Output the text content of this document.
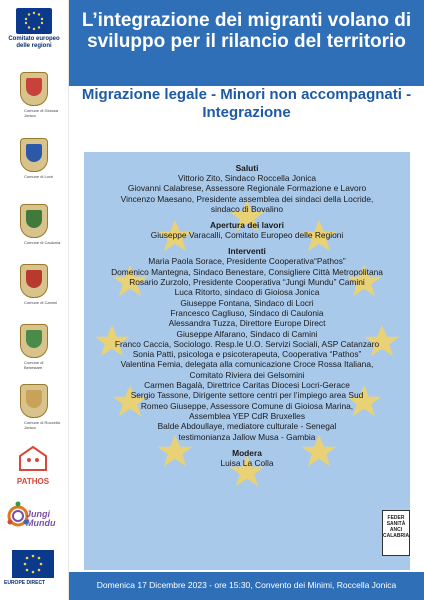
Comitato europeo delle regioni
Comune di Gioiosa Jonica
Comune di Locri
Comune di Caulonia
Comune di Camini
Comune di Benestare
Comune di Roccella Jonica
PATHOS
Jungi Mundu
EUROPE DIRECT
L’integrazione dei migranti volano di sviluppo per il rilancio del territorio
Migrazione legale - Minori non accompagnati - Integrazione
Saluti
Vittorio Zito, Sindaco Roccella Jonica
Giovanni Calabrese, Assessore Regionale Formazione e Lavoro
Vincenzo Maesano, Presidente assemblea dei sindaci della Locride,
sindaco di Bovalino
Apertura dei lavori
Giuseppe Varacalli, Comitato Europeo delle Regioni
Interventi
Maria Paola Sorace, Presidente Cooperativa“Pathos”
Domenico Mantegna, Sindaco Benestare, Consigliere Città Metropolitana
Rosario Zurzolo, Presidente Cooperativa “Jungi Mundu” Camini
Luca Ritorto, sindaco di Gioiosa Jonica
Giuseppe Fontana, Sindaco di Locri
Francesco Cagliuso, Sindaco di Caulonia
Alessandra Tuzza, Direttore Europe Direct
Giuseppe Alfarano, Sindaco di Camini
Franco Caccia, Sociologo. Resp.le U.O. Servizi Sociali, ASP Catanzaro
Sonia Patti, psicologa e psicoterapeuta, Cooperativa “Pathos”
Valentina Femia, delegata alla comunicazione Croce Rossa Italiana,
Comitato Riviera dei Gelsomini
Carmen Bagalà, Direttrice Caritas Diocesi Locri-Gerace
Sergio Tassone, Dirigente settore centri per l’impiego area Sud
Romeo Giuseppe, Assessore Comune di Gioiosa Marina,
Assemblea YEP CdR Bruxelles
Balde Abdoullaye, mediatore culturale - Senegal
testimonianza Jallow Musa - Gambia
Modera
Luisa La Colla
FEDER SANITÀ ANCI CALABRIA
Domenica 17 Dicembre 2023 - ore 15:30, Convento dei Minimi, Roccella Jonica
